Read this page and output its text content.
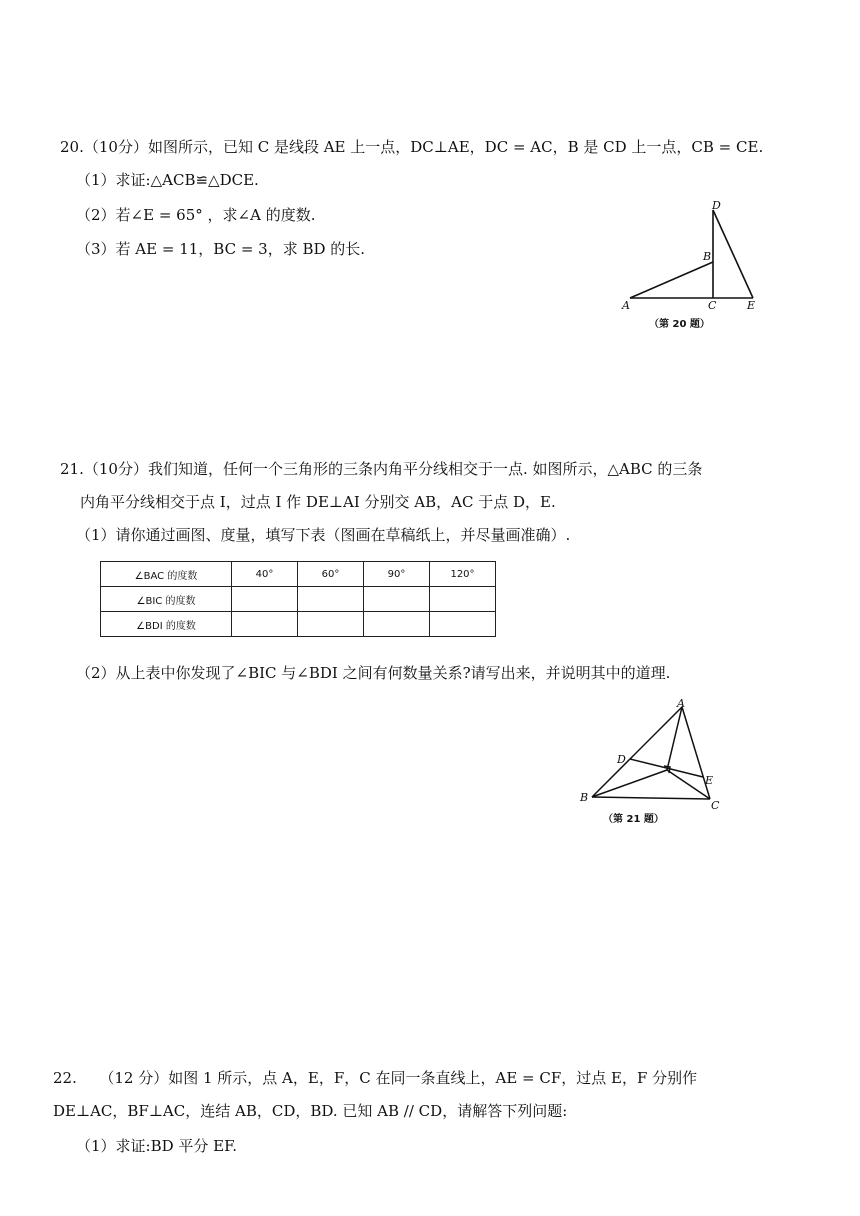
20.（10分）如图所示，已知 C 是线段 AE 上一点，DC⊥AE，DC = AC，B 是 CD 上一点，CB = CE.
（1）求证:△ACB≌△DCE.
（2）若∠E = 65° ，求∠A 的度数.
（3）若 AE = 11，BC = 3，求 BD 的长.
D
B
A	C	E
（第 20 题）
21.（10分）我们知道，任何一个三角形的三条内角平分线相交于一点. 如图所示，△ABC 的三条
内角平分线相交于点 I，过点 I 作 DE⊥AI 分别交 AB，AC 于点 D，E.
（1）请你通过画图、度量，填写下表（图画在草稿纸上，并尽量画准确）.
∠BAC 的度数	40°	60°	90°	120°
∠BIC 的度数				
∠BDI 的度数				
（2）从上表中你发现了∠BIC 与∠BDI 之间有何数量关系?请写出来，并说明其中的道理.
A
D
E
B
C
（第 21 题）
22.　　（12 分）如图 1 所示，点 A，E，F，C 在同一条直线上，AE = CF，过点 E，F 分别作
DE⊥AC，BF⊥AC，连结 AB，CD，BD. 已知 AB // CD，请解答下列问题:
（1）求证:BD 平分 EF.
